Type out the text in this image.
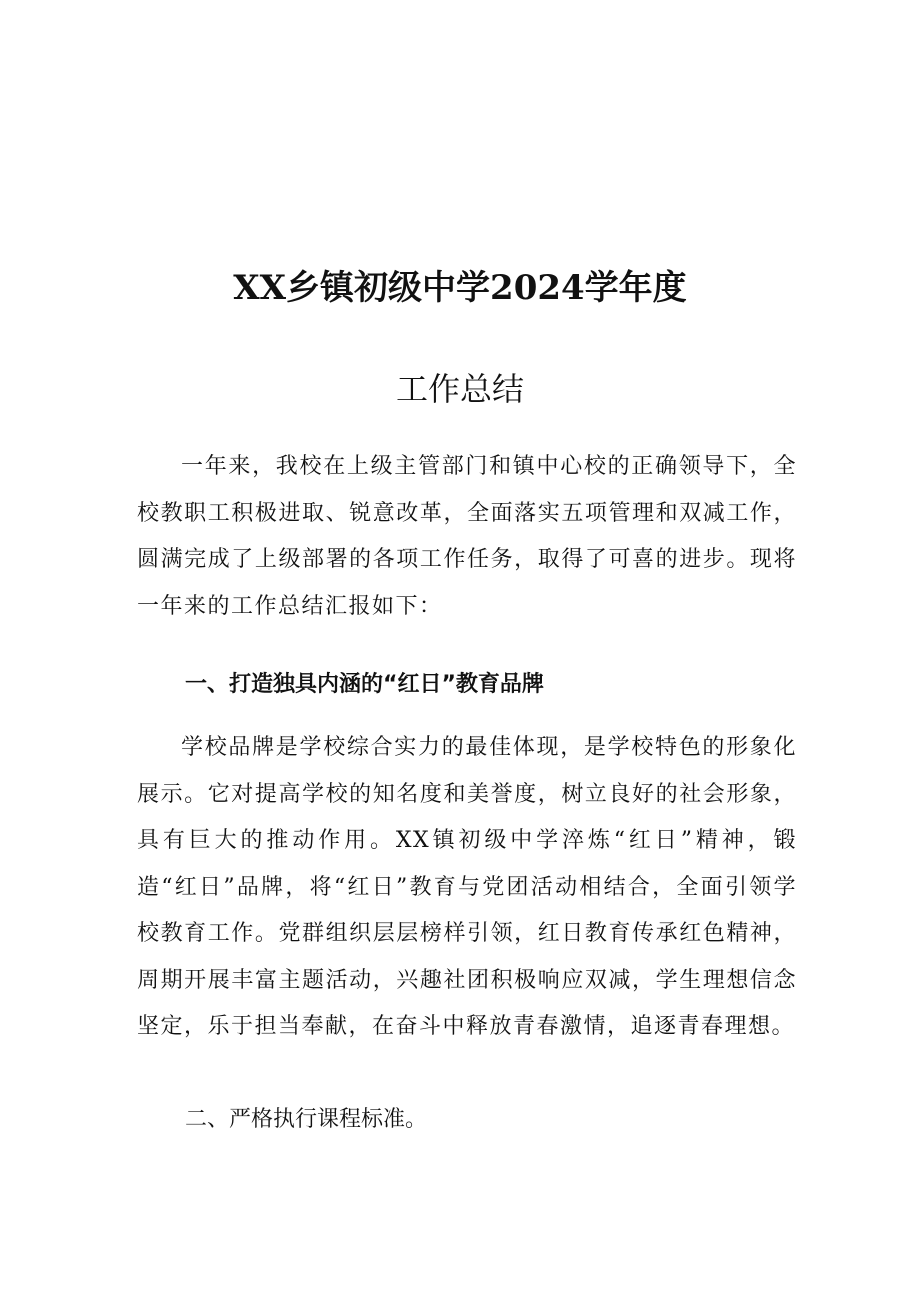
XX乡镇初级中学2024学年度
工作总结

一年来，我校在上级主管部门和镇中心校的正确领导下，全校教职工积极进取、锐意改革，全面落实五项管理和双减工作，圆满完成了上级部署的各项工作任务，取得了可喜的进步。现将一年来的工作总结汇报如下：

一、打造独具内涵的“红日”教育品牌

学校品牌是学校综合实力的最佳体现，是学校特色的形象化展示。它对提高学校的知名度和美誉度，树立良好的社会形象，具有巨大的推动作用。XX镇初级中学淬炼“红日”精神，锻造“红日”品牌，将“红日”教育与党团活动相结合，全面引领学校教育工作。党群组织层层榜样引领，红日教育传承红色精神，周期开展丰富主题活动，兴趣社团积极响应双减，学生理想信念坚定，乐于担当奉献，在奋斗中释放青春激情，追逐青春理想。

二、严格执行课程标准。
